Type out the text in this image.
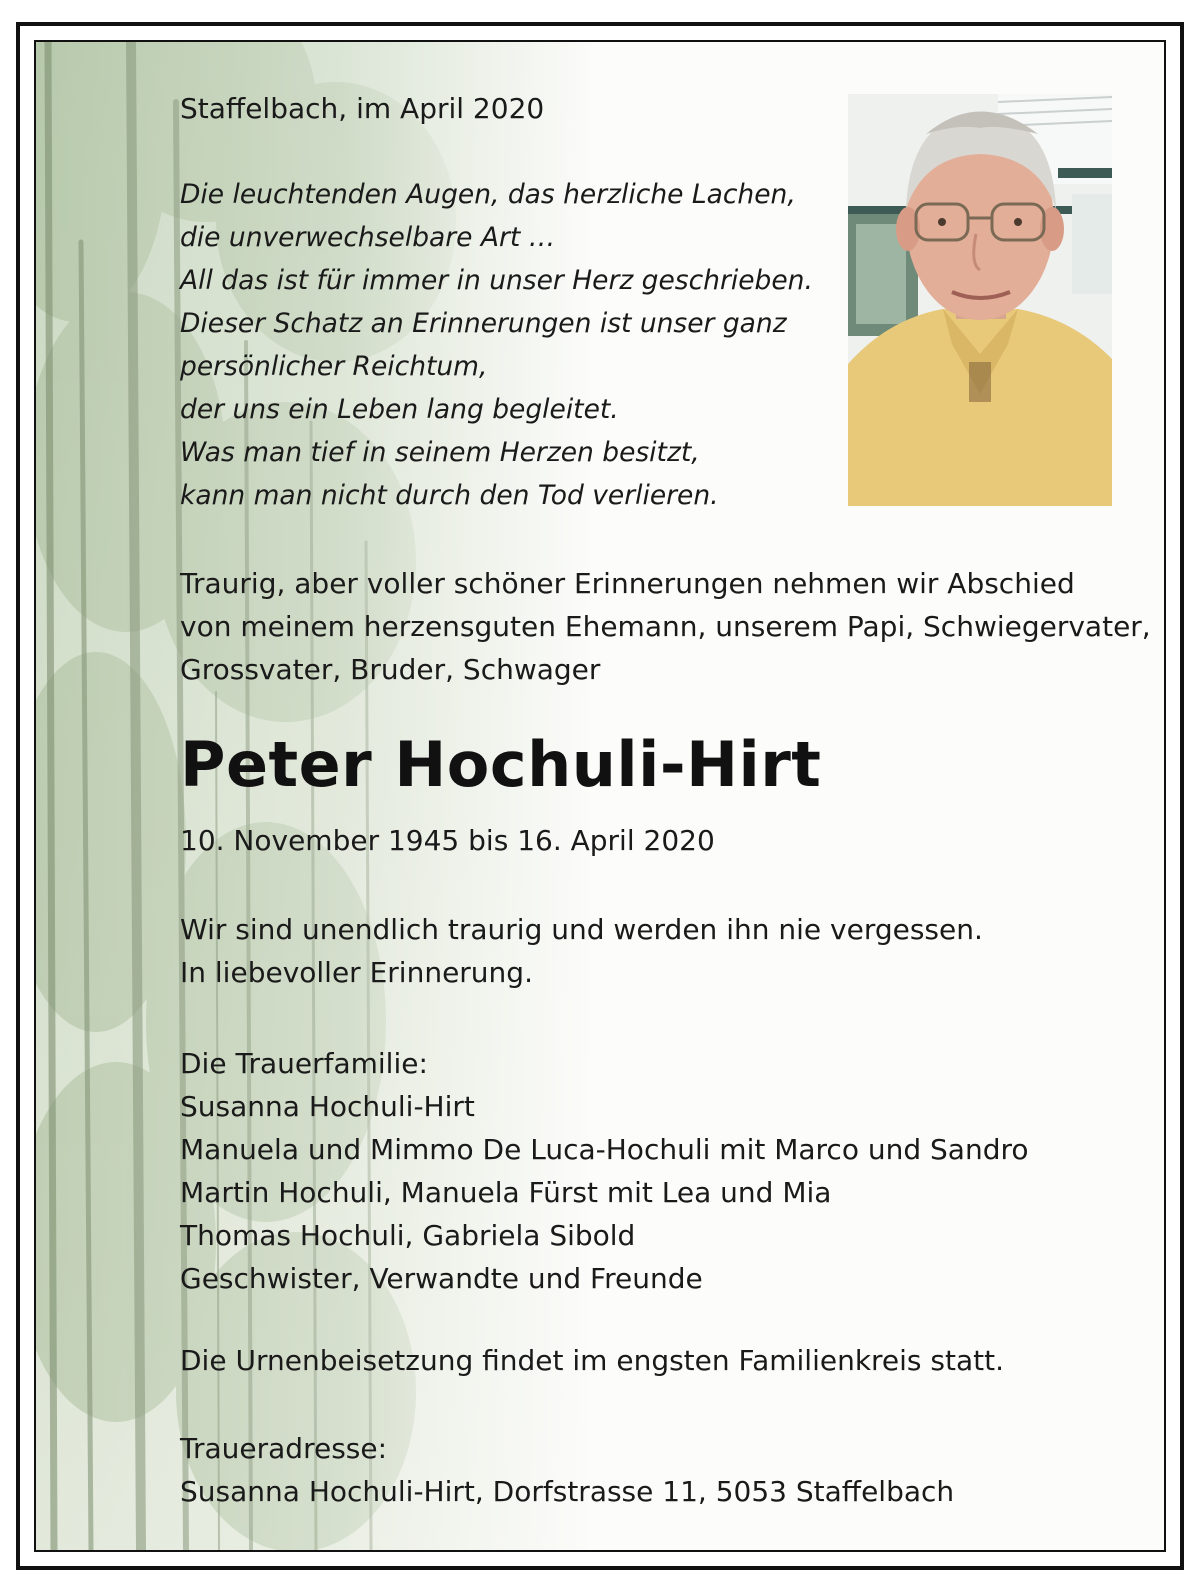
Staffelbach, im April 2020

Die leuchtenden Augen, das herzliche Lachen,
die unverwechselbare Art …
All das ist für immer in unser Herz geschrieben.
Dieser Schatz an Erinnerungen ist unser ganz
persönlicher Reichtum,
der uns ein Leben lang begleitet.
Was man tief in seinem Herzen besitzt,
kann man nicht durch den Tod verlieren.
Traurig, aber voller schöner Erinnerungen nehmen wir Abschied
von meinem herzensguten Ehemann, unserem Papi, Schwiegervater,
Grossvater, Bruder, Schwager
Peter Hochuli-Hirt

10. November 1945 bis 16. April 2020

Wir sind unendlich traurig und werden ihn nie vergessen.
In liebevoller Erinnerung.
Die Trauerfamilie:
Susanna Hochuli-Hirt
Manuela und Mimmo De Luca-Hochuli mit Marco und Sandro
Martin Hochuli, Manuela Fürst mit Lea und Mia
Thomas Hochuli, Gabriela Sibold
Geschwister, Verwandte und Freunde

Die Urnenbeisetzung findet im engsten Familienkreis statt.

Traueradresse:
Susanna Hochuli-Hirt, Dorfstrasse 11, 5053 Staffelbach
